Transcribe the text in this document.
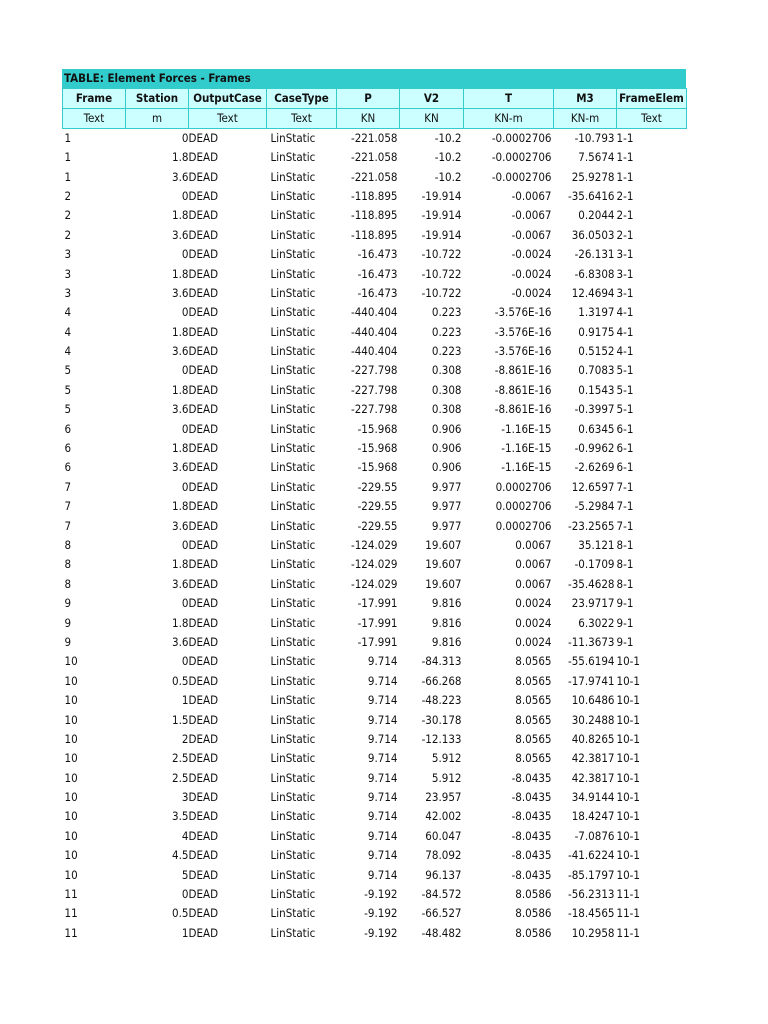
TABLE: Element Forces - Frames
Frame	Station	OutputCase	CaseType	P	V2	T	M3	FrameElem
Text	m	Text	Text	KN	KN	KN-m	KN-m	Text
1	0	DEAD	LinStatic	-221.058	-10.2	-0.0002706	-10.793	1-1
1	1.8	DEAD	LinStatic	-221.058	-10.2	-0.0002706	7.5674	1-1
1	3.6	DEAD	LinStatic	-221.058	-10.2	-0.0002706	25.9278	1-1
2	0	DEAD	LinStatic	-118.895	-19.914	-0.0067	-35.6416	2-1
2	1.8	DEAD	LinStatic	-118.895	-19.914	-0.0067	0.2044	2-1
2	3.6	DEAD	LinStatic	-118.895	-19.914	-0.0067	36.0503	2-1
3	0	DEAD	LinStatic	-16.473	-10.722	-0.0024	-26.131	3-1
3	1.8	DEAD	LinStatic	-16.473	-10.722	-0.0024	-6.8308	3-1
3	3.6	DEAD	LinStatic	-16.473	-10.722	-0.0024	12.4694	3-1
4	0	DEAD	LinStatic	-440.404	0.223	-3.576E-16	1.3197	4-1
4	1.8	DEAD	LinStatic	-440.404	0.223	-3.576E-16	0.9175	4-1
4	3.6	DEAD	LinStatic	-440.404	0.223	-3.576E-16	0.5152	4-1
5	0	DEAD	LinStatic	-227.798	0.308	-8.861E-16	0.7083	5-1
5	1.8	DEAD	LinStatic	-227.798	0.308	-8.861E-16	0.1543	5-1
5	3.6	DEAD	LinStatic	-227.798	0.308	-8.861E-16	-0.3997	5-1
6	0	DEAD	LinStatic	-15.968	0.906	-1.16E-15	0.6345	6-1
6	1.8	DEAD	LinStatic	-15.968	0.906	-1.16E-15	-0.9962	6-1
6	3.6	DEAD	LinStatic	-15.968	0.906	-1.16E-15	-2.6269	6-1
7	0	DEAD	LinStatic	-229.55	9.977	0.0002706	12.6597	7-1
7	1.8	DEAD	LinStatic	-229.55	9.977	0.0002706	-5.2984	7-1
7	3.6	DEAD	LinStatic	-229.55	9.977	0.0002706	-23.2565	7-1
8	0	DEAD	LinStatic	-124.029	19.607	0.0067	35.121	8-1
8	1.8	DEAD	LinStatic	-124.029	19.607	0.0067	-0.1709	8-1
8	3.6	DEAD	LinStatic	-124.029	19.607	0.0067	-35.4628	8-1
9	0	DEAD	LinStatic	-17.991	9.816	0.0024	23.9717	9-1
9	1.8	DEAD	LinStatic	-17.991	9.816	0.0024	6.3022	9-1
9	3.6	DEAD	LinStatic	-17.991	9.816	0.0024	-11.3673	9-1
10	0	DEAD	LinStatic	9.714	-84.313	8.0565	-55.6194	10-1
10	0.5	DEAD	LinStatic	9.714	-66.268	8.0565	-17.9741	10-1
10	1	DEAD	LinStatic	9.714	-48.223	8.0565	10.6486	10-1
10	1.5	DEAD	LinStatic	9.714	-30.178	8.0565	30.2488	10-1
10	2	DEAD	LinStatic	9.714	-12.133	8.0565	40.8265	10-1
10	2.5	DEAD	LinStatic	9.714	5.912	8.0565	42.3817	10-1
10	2.5	DEAD	LinStatic	9.714	5.912	-8.0435	42.3817	10-1
10	3	DEAD	LinStatic	9.714	23.957	-8.0435	34.9144	10-1
10	3.5	DEAD	LinStatic	9.714	42.002	-8.0435	18.4247	10-1
10	4	DEAD	LinStatic	9.714	60.047	-8.0435	-7.0876	10-1
10	4.5	DEAD	LinStatic	9.714	78.092	-8.0435	-41.6224	10-1
10	5	DEAD	LinStatic	9.714	96.137	-8.0435	-85.1797	10-1
11	0	DEAD	LinStatic	-9.192	-84.572	8.0586	-56.2313	11-1
11	0.5	DEAD	LinStatic	-9.192	-66.527	8.0586	-18.4565	11-1
11	1	DEAD	LinStatic	-9.192	-48.482	8.0586	10.2958	11-1
